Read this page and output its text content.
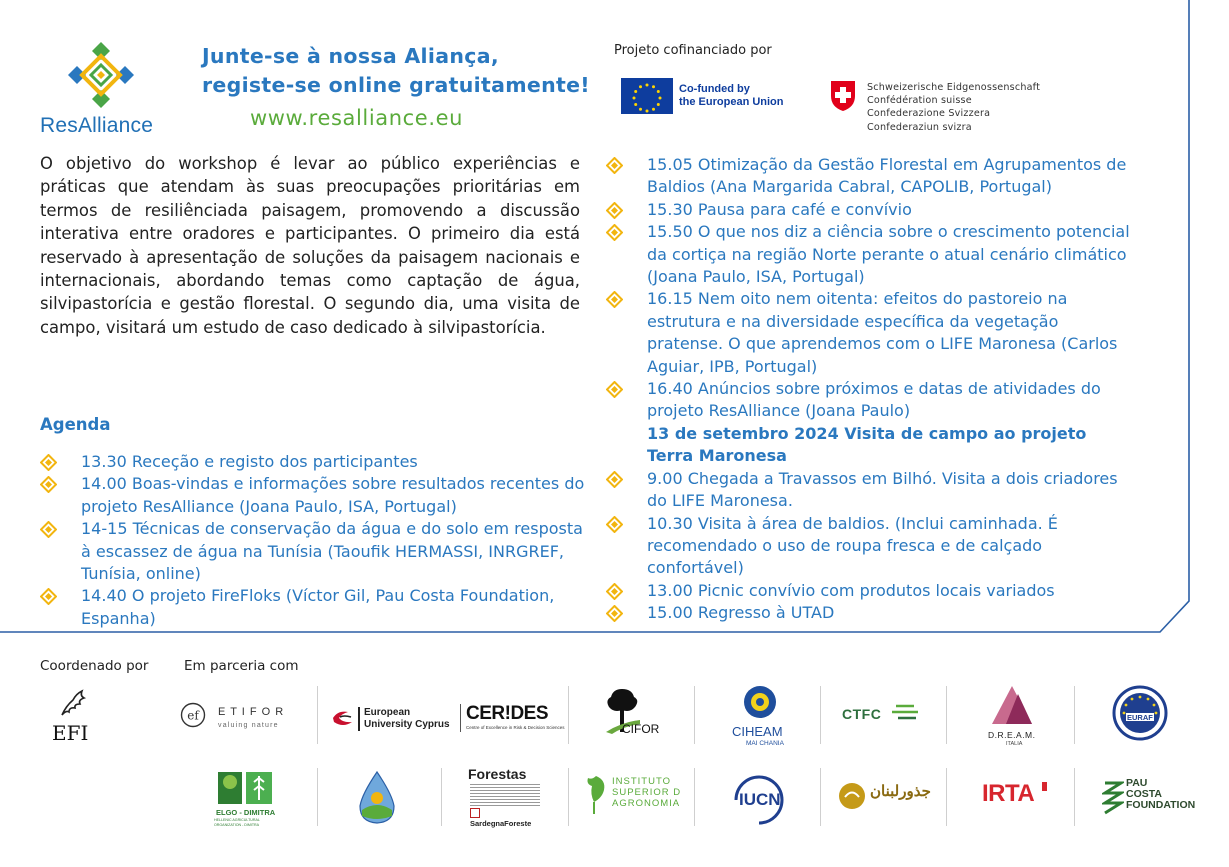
ResAlliance
Junte-se à nossa Aliança,
registe-se online gratuitamente!
www.resalliance.eu
Projeto cofinanciado por
Co-funded by
the European Union
Schweizerische Eidgenossenschaft
Confédération suisse
Confederazione Svizzera
Confederaziun svizra

O objetivo do workshop é levar ao público experiências e práticas que atendam às suas preocupações prioritárias em termos de resiliênciada paisagem, promovendo a discussão interativa entre oradores e participantes. O primeiro dia está reservado à apresentação de soluções da paisagem nacionais e internacionais, abordando temas como captação de água, silvipastorícia e gestão florestal. O segundo dia, uma visita de campo, visitará um estudo de caso dedicado à silvipastorícia.

Agenda
13.30 Receção e registo dos participantes
14.00 Boas-vindas e informações sobre resultados recentes do projeto ResAlliance (Joana Paulo, ISA, Portugal)
14-15 Técnicas de conservação da água e do solo em resposta à escassez de água na Tunísia (Taoufik HERMASSI, INRGREF, Tunísia, online)
14.40 O projeto FireFloks (Víctor Gil, Pau Costa Foundation, Espanha)
15.05 Otimização da Gestão Florestal em Agrupamentos de Baldios (Ana Margarida Cabral, CAPOLIB, Portugal)
15.30 Pausa para café e convívio
15.50 O que nos diz a ciência sobre o crescimento potencial da cortiça na região Norte perante o atual cenário climático (Joana Paulo, ISA, Portugal)
16.15 Nem oito nem oitenta: efeitos do pastoreio na estrutura e na diversidade específica da vegetação pratense. O que aprendemos com o LIFE Maronesa (Carlos Aguiar, IPB, Portugal)
16.40 Anúncios sobre próximos e datas de atividades do projeto ResAlliance (Joana Paulo)
13 de setembro 2024 Visita de campo ao projeto Terra Maronesa
9.00 Chegada a Travassos em Bilhó. Visita a dois criadores do LIFE Maronesa.
10.30 Visita à área de baldios. (Inclui caminhada. É recomendado o uso de roupa fresca e de calçado confortável)
13.00 Picnic convívio com produtos locais variados
15.00 Regresso à UTAD
Coordenado por	Em parceria com
EFI
ef E T I F O R
valuing nature
European
University Cyprus
CER!DES
Centre of Excellence in Risk & Decision Sciences	CIFOR	CIHEAM
MAI CHANIA
CTFC
D.R.E.A.M.
ITALIA
EURAF
ELGO - DIMITRA
HELLENIC AGRICULTURAL ORGANIZATION - DIMITRA
Forestas
SardegnaForeste
INSTITUTO
SUPERIOR D
AGRONOMIA	IUCN	جذورلبنان IRTA	PAU
COSTA
FOUNDATION
